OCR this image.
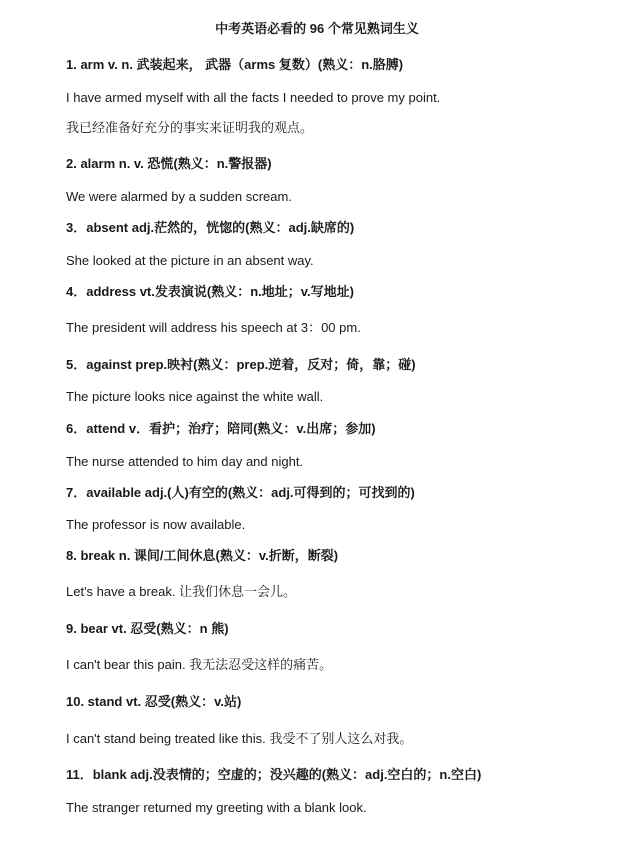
中考英语必看的 96 个常见熟词生义

1. arm v. n. 武装起来， 武器（arms 复数）(熟义：n.胳膊)

I have armed myself with all the facts I needed to prove my point.

我已经准备好充分的事实来证明我的观点。

2. alarm n. v. 恐慌(熟义：n.警报器)

We were alarmed by a sudden scream.

3．absent adj.茫然的，恍惚的(熟义：adj.缺席的)

She looked at the picture in an absent way.

4．address vt.发表演说(熟义：n.地址；v.写地址)

The president will address his speech at 3：00 pm.

5．against prep.映衬(熟义：prep.逆着，反对；倚，靠；碰)

The picture looks nice against the white wall.

6．attend v．看护；治疗；陪同(熟义：v.出席；参加)

The nurse attended to him day and night.

7．available adj.(人)有空的(熟义：adj.可得到的；可找到的)

The professor is now available.

8. break n. 课间/工间休息(熟义：v.折断，断裂)

Let's have a break. 让我们休息一会儿。

9. bear vt. 忍受(熟义：n 熊)

I can't bear this pain. 我无法忍受这样的痛苦。

10. stand vt. 忍受(熟义：v.站)

I can't stand being treated like this. 我受不了别人这么对我。

11．blank adj.没表情的；空虚的；没兴趣的(熟义：adj.空白的；n.空白)

The stranger returned my greeting with a blank look.
